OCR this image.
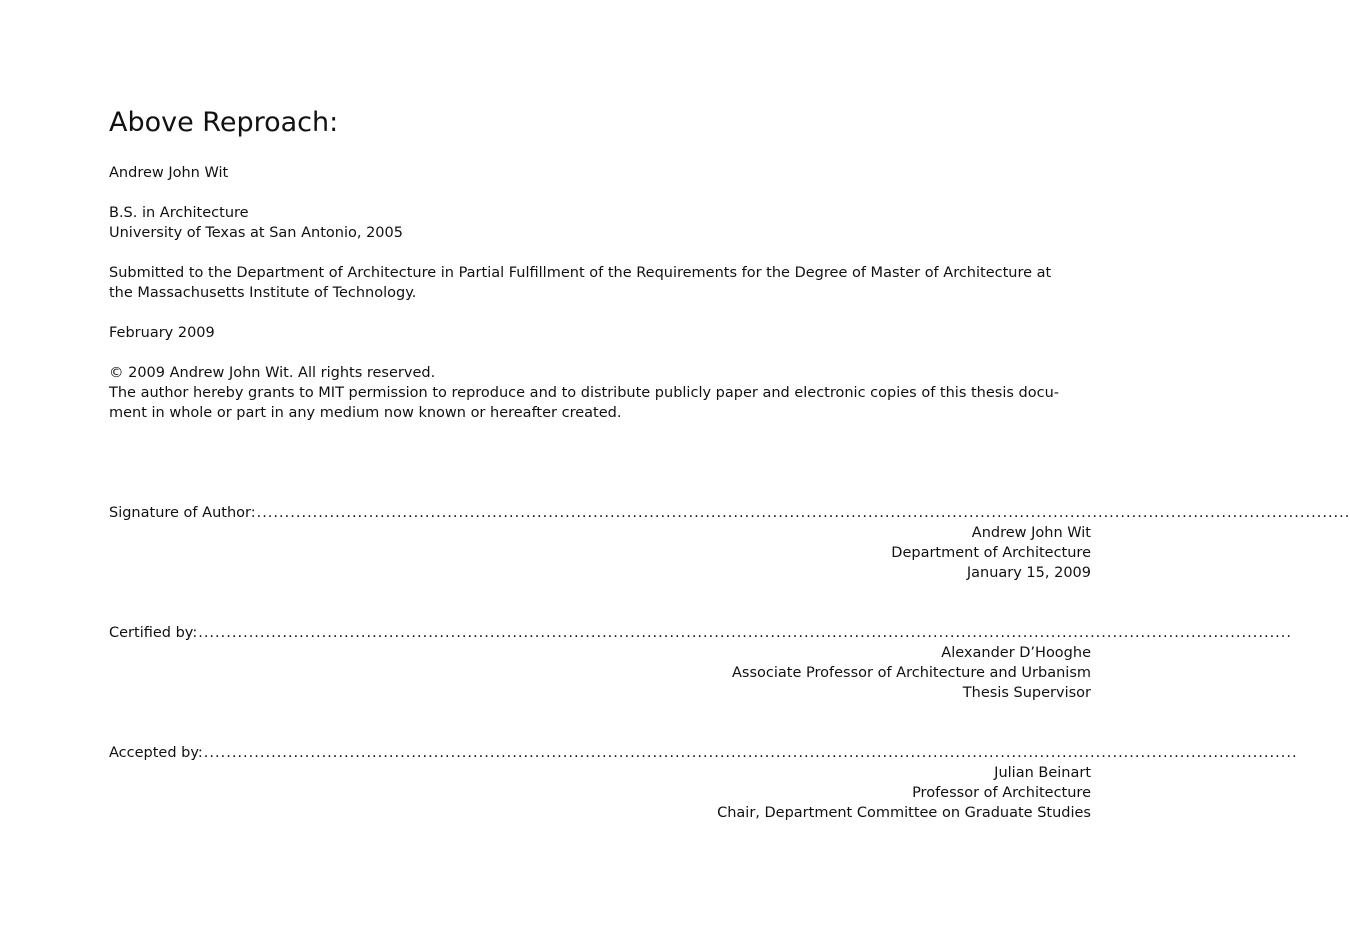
Above Reproach:
Andrew John Wit
B.S. in Architecture
University of Texas at San Antonio, 2005
Submitted to the Department of Architecture in Partial Fulfillment of the Requirements for the Degree of Master of Architecture at
the Massachusetts Institute of Technology.
February 2009
© 2009 Andrew John Wit. All rights reserved.
The author hereby grants to MIT permission to reproduce and to distribute publicly paper and electronic copies of this thesis docu-
ment in whole or part in any medium now known or hereafter created.
Signature of Author: ...................................................................................................................................................................................................
Andrew John Wit
Department of Architecture
January 15, 2009
Certified by: ...................................................................................................................................................................................................
Alexander D’Hooghe
Associate Professor of Architecture and Urbanism
Thesis Supervisor
Accepted by: ...................................................................................................................................................................................................
Julian Beinart
Professor of Architecture
Chair, Department Committee on Graduate Studies
